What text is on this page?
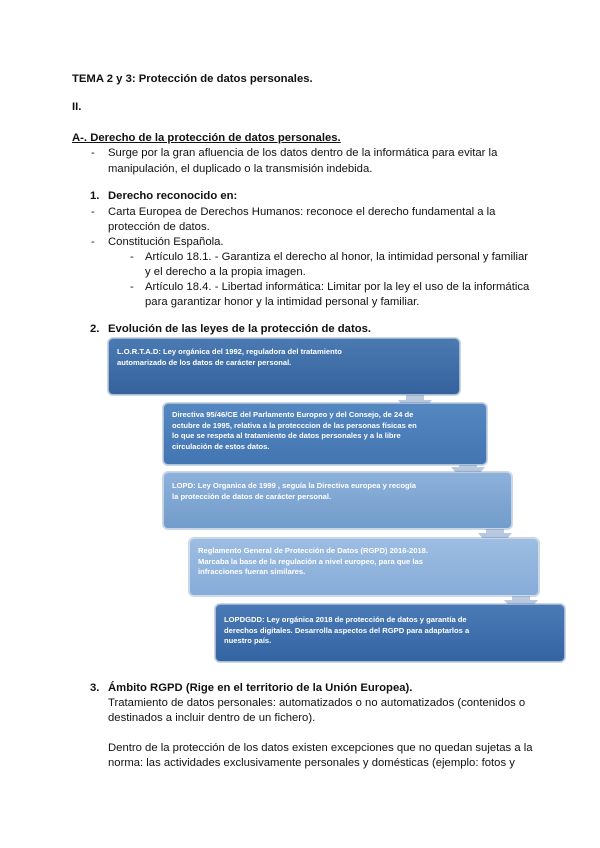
TEMA 2 y 3: Protección de datos personales.
II.
A-. Derecho de la protección de datos personales.
- Surge por la gran afluencia de los datos dentro de la informática para evitar la
manipulación, el duplicado o la transmisión indebida.
1. Derecho reconocido en:
- Carta Europea de Derechos Humanos: reconoce el derecho fundamental a la
protección de datos.
- Constitución Española.
- Artículo 18.1. - Garantiza el derecho al honor, la intimidad personal y familiar
y el derecho a la propia imagen.
- Artículo 18.4. - Libertad informática: Limitar por la ley el uso de la informática
para garantizar honor y la intimidad personal y familiar.
2. Evolución de las leyes de la protección de datos.
L.O.R.T.A.D: Ley orgánica del 1992, reguladora del tratamiento
automarizado de los datos de carácter personal.
Directiva 95/46/CE del Parlamento Europeo y del Consejo, de 24 de
octubre de 1995, relativa a la protecccion de las personas físicas en
lo que se respeta al tratamiento de datos personales y a la libre
circulación de estos datos.
LOPD: Ley Organica de 1999 , seguía la Directiva europea y recogía
la protección de datos de carácter personal.
Reglamento General de Protección de Datos (RGPD) 2016-2018.
Marcaba la base de la regulación a nivel europeo, para que las
infracciones fueran similares.
LOPDGDD: Ley orgánica 2018 de protección de datos y garantía de
derechos digitales. Desarrolla aspectos del RGPD para adaptarlos a
nuestro país.
3. Ámbito RGPD (Rige en el territorio de la Unión Europea).
Tratamiento de datos personales: automatizados o no automatizados (contenidos o
destinados a incluir dentro de un fichero).
Dentro de la protección de los datos existen excepciones que no quedan sujetas a la
norma: las actividades exclusivamente personales y domésticas (ejemplo: fotos y
